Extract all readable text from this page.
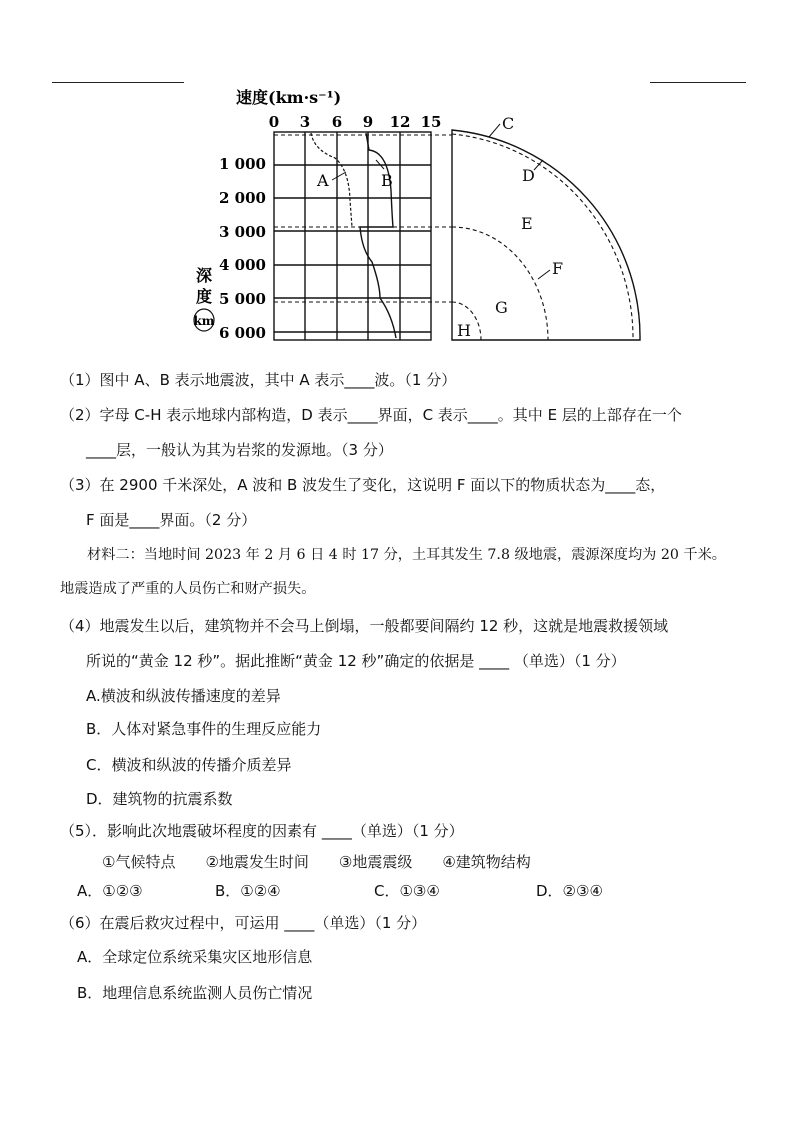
速度(km·s⁻¹)
0 3 6 9 12 15
1 000
2 000
3 000
4 000
5 000
6 000
深
度
km
A	B
C
D
E
F
G
H
（1）图中 A、B 表示地震波，其中 A 表示____波。（1 分）
（2）字母 C-H 表示地球内部构造，D 表示____界面，C 表示____。其中 E 层的上部存在一个
____层，一般认为其为岩浆的发源地。（3 分）
（3）在 2900 千米深处，A 波和 B 波发生了变化，这说明 F 面以下的物质状态为____态，
F 面是____界面。（2 分）
材料二：当地时间 2023 年 2 月 6 日 4 时 17 分，土耳其发生 7.8 级地震，震源深度均为 20 千米。
地震造成了严重的人员伤亡和财产损失。
（4）地震发生以后，建筑物并不会马上倒塌，一般都要间隔约 12 秒，这就是地震救援领域
所说的“黄金 12 秒”。据此推断“黄金 12 秒”确定的依据是 ____ （单选）（1 分）
A.横波和纵波传播速度的差异
B．人体对紧急事件的生理反应能力
C．横波和纵波的传播介质差异
D．建筑物的抗震系数
（5）．影响此次地震破坏程度的因素有 ____（单选）（1 分）
①气候特点　　②地震发生时间　　③地震震级　　④建筑物结构
A．①②③	B．①②④	C．①③④	D．②③④
（6）在震后救灾过程中，可运用 ____（单选）（1 分）
A．全球定位系统采集灾区地形信息
B．地理信息系统监测人员伤亡情况
